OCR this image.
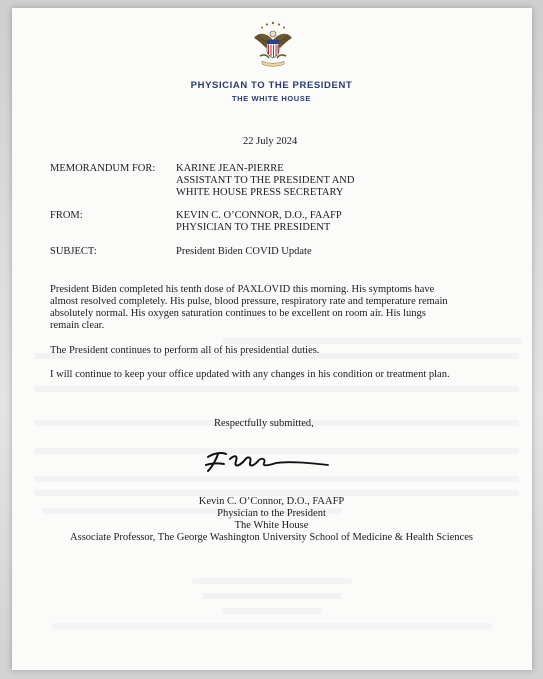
PHYSICIAN TO THE PRESIDENT
THE WHITE HOUSE
22 July 2024
MEMORANDUM FOR: KARINE JEAN-PIERRE
ASSISTANT TO THE PRESIDENT AND
WHITE HOUSE PRESS SECRETARY
FROM:	KEVIN C. O’CONNOR, D.O., FAAFP
PHYSICIAN TO THE PRESIDENT
SUBJECT:	President Biden COVID Update
President Biden completed his tenth dose of PAXLOVID this morning. His symptoms have
almost resolved completely. His pulse, blood pressure, respiratory rate and temperature remain
absolutely normal. His oxygen saturation continues to be excellent on room air. His lungs
remain clear.
The President continues to perform all of his presidential duties.
I will continue to keep your office updated with any changes in his condition or treatment plan.
Respectfully submitted,
Kevin C. O’Connor, D.O., FAAFP
Physician to the President
The White House
Associate Professor, The George Washington University School of Medicine & Health Sciences
